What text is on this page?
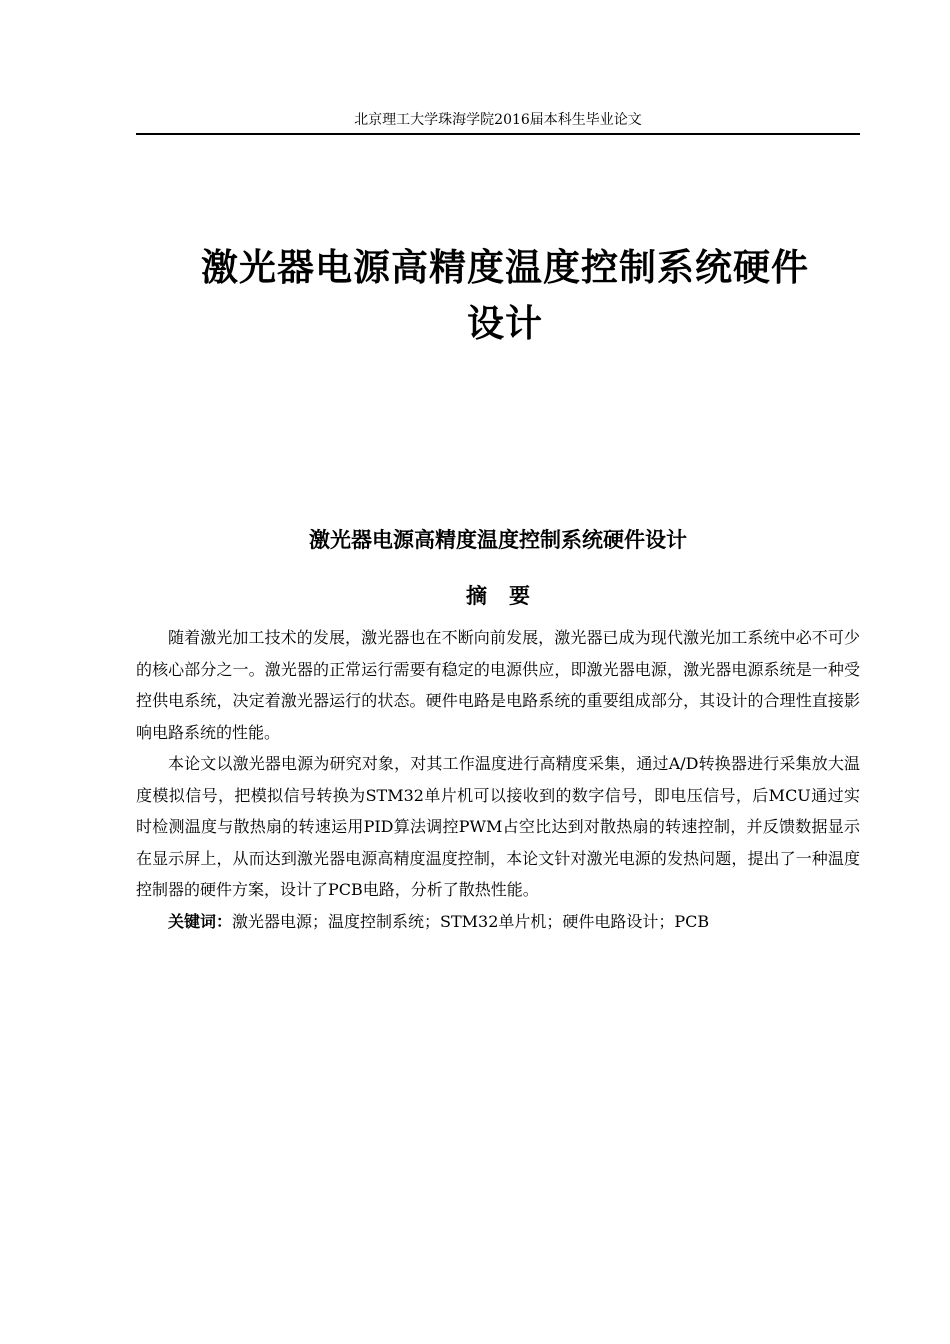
北京理工大学珠海学院2016届本科生毕业论文
激光器电源高精度温度控制系统硬件
设计
激光器电源高精度温度控制系统硬件设计
摘要

随着激光加工技术的发展，激光器也在不断向前发展，激光器已成为现代激光加工系统中必不可少的核心部分之一。激光器的正常运行需要有稳定的电源供应，即激光器电源，激光器电源系统是一种受控供电系统，决定着激光器运行的状态。硬件电路是电路系统的重要组成部分，其设计的合理性直接影响电路系统的性能。

本论文以激光器电源为研究对象，对其工作温度进行高精度采集，通过A/D转换器进行采集放大温度模拟信号，把模拟信号转换为STM32单片机可以接收到的数字信号，即电压信号，后MCU通过实时检测温度与散热扇的转速运用PID算法调控PWM占空比达到对散热扇的转速控制，并反馈数据显示在显示屏上，从而达到激光器电源高精度温度控制，本论文针对激光电源的发热问题，提出了一种温度控制器的硬件方案，设计了PCB电路，分析了散热性能。

关键词：激光器电源；温度控制系统；STM32单片机；硬件电路设计；PCB
